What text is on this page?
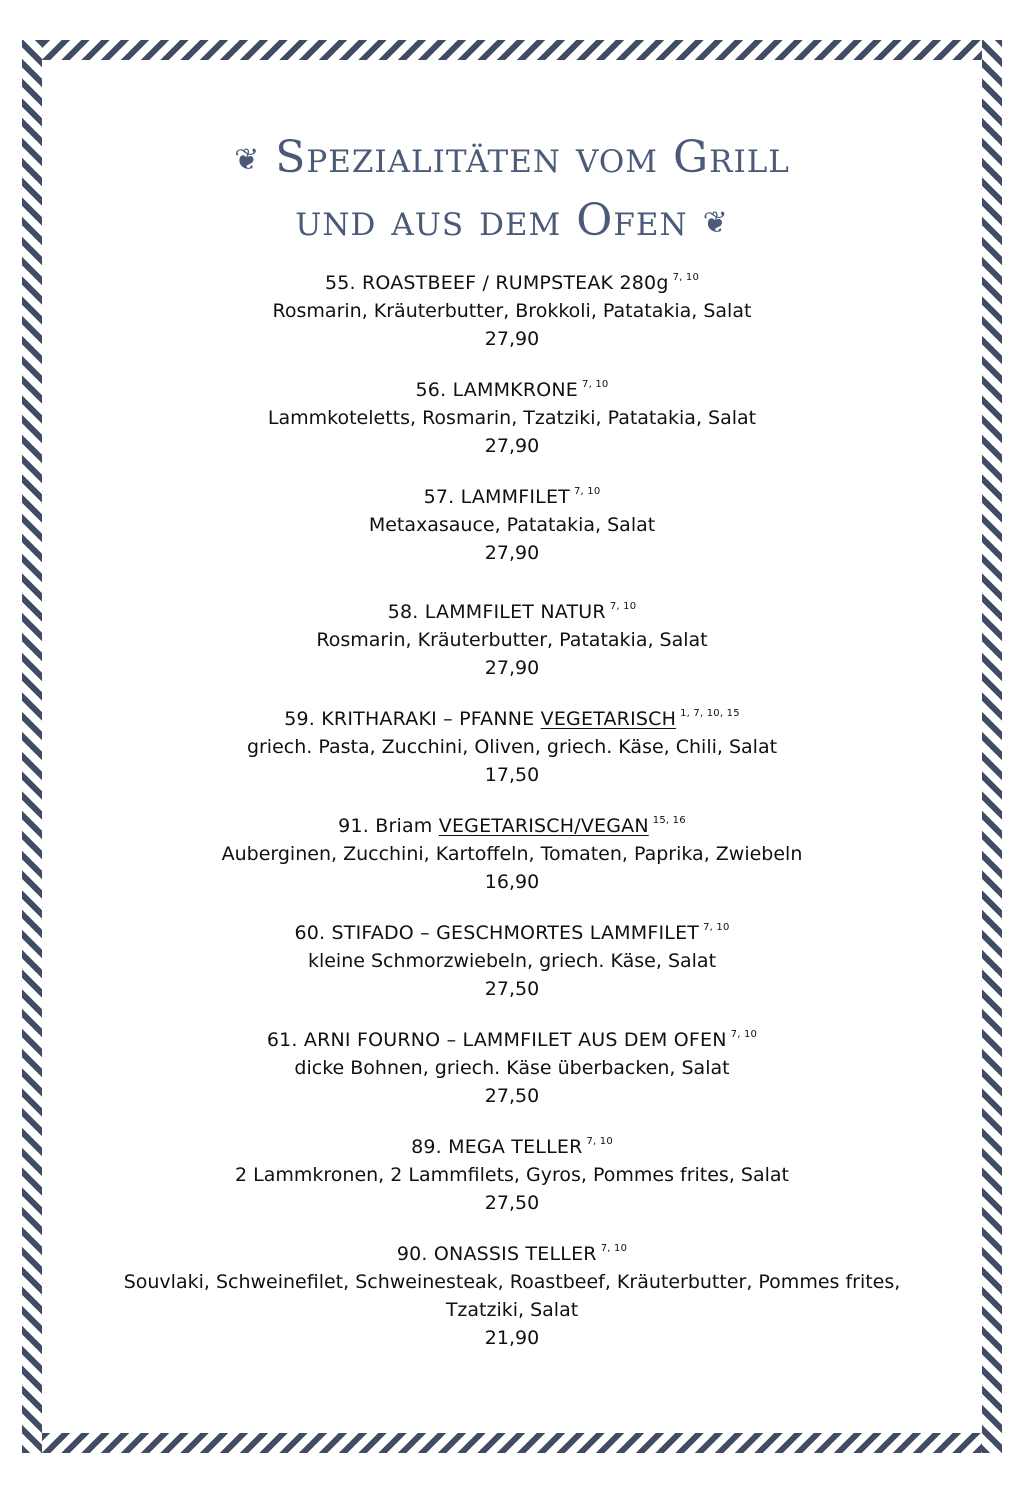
❦ Spezialitäten vom Grill
und aus dem Ofen ❦
55. ROASTBEEF / RUMPSTEAK 280g $^{7, 10}$
Rosmarin, Kräuterbutter, Brokkoli, Patatakia, Salat
27,90
56. LAMMKRONE $^{7, 10}$
Lammkoteletts, Rosmarin, Tzatziki, Patatakia, Salat
27,90
57. LAMMFILET $^{7, 10}$
Metaxasauce, Patatakia, Salat
27,90
58. LAMMFILET NATUR $^{7, 10}$
Rosmarin, Kräuterbutter, Patatakia, Salat
27,90
59. KRITHARAKI – PFANNE VEGETARISCH $^{1, 7, 10, 15}$
griech. Pasta, Zucchini, Oliven, griech. Käse, Chili, Salat
17,50
91. Briam VEGETARISCH/VEGAN $^{15, 16}$
Auberginen, Zucchini, Kartoffeln, Tomaten, Paprika, Zwiebeln
16,90
60. STIFADO – GESCHMORTES LAMMFILET $^{7, 10}$
kleine Schmorzwiebeln, griech. Käse, Salat
27,50
61. ARNI FOURNO – LAMMFILET AUS DEM OFEN $^{7, 10}$
dicke Bohnen, griech. Käse überbacken, Salat
27,50
89. MEGA TELLER $^{7, 10}$
2 Lammkronen, 2 Lammfilets, Gyros, Pommes frites, Salat
27,50
90. ONASSIS TELLER $^{7, 10}$
Souvlaki, Schweinefilet, Schweinesteak, Roastbeef, Kräuterbutter, Pommes frites,
Tzatziki, Salat
21,90
